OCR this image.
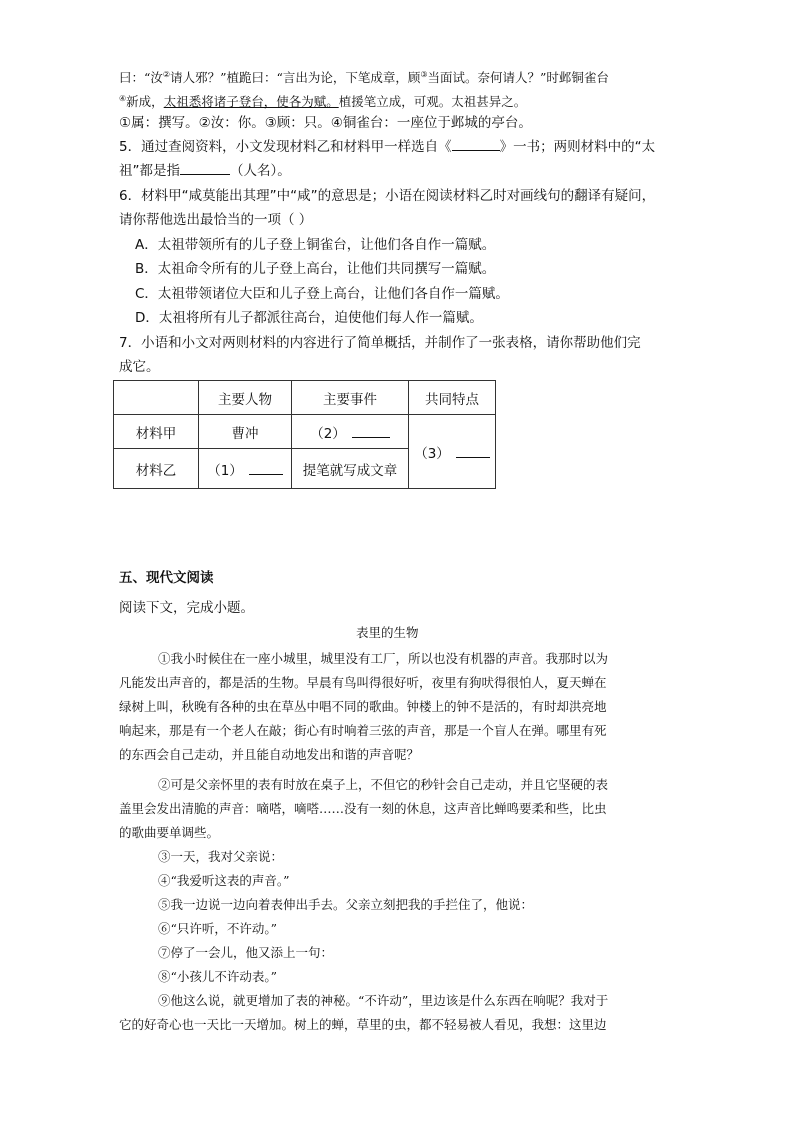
曰：“汝②请人邪？”植跪曰：“言出为论，下笔成章，顾③当面试。奈何请人？”时邺铜雀台
④新成，太祖悉将诸子登台，使各为赋。植援笔立成，可观。太祖甚异之。
①属：撰写。②汝：你。③顾：只。④铜雀台：一座位于邺城的亭台。
5．通过查阅资料，小文发现材料乙和材料甲一样选自《	》一书；两则材料中的“太
祖”都是指	（人名）。
6．材料甲“咸莫能出其理”中“咸”的意思是；小语在阅读材料乙时对画线句的翻译有疑问，
请你帮他选出最恰当的一项（ ）
A．太祖带领所有的儿子登上铜雀台，让他们各自作一篇赋。
B．太祖命令所有的儿子登上高台，让他们共同撰写一篇赋。
C．太祖带领诸位大臣和儿子登上高台，让他们各自作一篇赋。
D．太祖将所有儿子都派往高台，迫使他们每人作一篇赋。
7．小语和小文对两则材料的内容进行了简单概括，并制作了一张表格，请你帮助他们完
成它。
	主要人物	主要事件	共同特点
材料甲	曹冲	（2）	（3）
材料乙	（1）	提笔就写成文章	
五、现代文阅读
阅读下文，完成小题。
表里的生物
①我小时候住在一座小城里，城里没有工厂，所以也没有机器的声音。我那时以为
凡能发出声音的，都是活的生物。早晨有鸟叫得很好听，夜里有狗吠得很怕人，夏天蝉在
绿树上叫，秋晚有各种的虫在草丛中唱不同的歌曲。钟楼上的钟不是活的，有时却洪亮地
响起来，那是有一个老人在敲；街心有时响着三弦的声音，那是一个盲人在弹。哪里有死
的东西会自己走动，并且能自动地发出和谐的声音呢？
②可是父亲怀里的表有时放在桌子上，不但它的秒针会自己走动，并且它坚硬的表
盖里会发出清脆的声音：嘀嗒，嘀嗒……没有一刻的休息，这声音比蝉鸣要柔和些，比虫
的歌曲要单调些。
③一天，我对父亲说：
④“我爱听这表的声音。”
⑤我一边说一边向着表伸出手去。父亲立刻把我的手拦住了，他说：
⑥“只许听，不许动。”
⑦停了一会儿，他又添上一句：
⑧“小孩儿不许动表。”
⑨他这么说，就更增加了表的神秘。“不许动”，里边该是什么东西在响呢？我对于
它的好奇心也一天比一天增加。树上的蝉，草里的虫，都不轻易被人看见，我想：这里边
